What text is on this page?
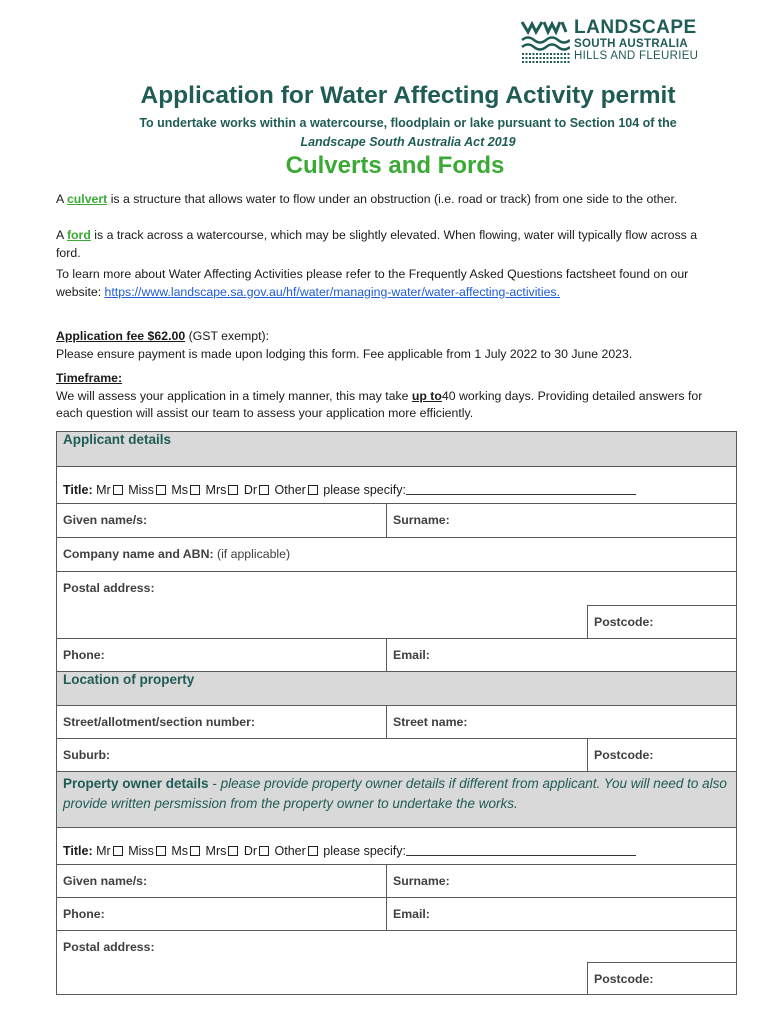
LANDSCAPE
SOUTH AUSTRALIA
HILLS AND FLEURIEU
Application for Water Affecting Activity permit
To undertake works within a watercourse, floodplain or lake pursuant to Section 104 of the
Landscape South Australia Act 2019
Culverts and Fords
A culvert is a structure that allows water to flow under an obstruction (i.e. road or track) from one side to the other.
A ford is a track across a watercourse, which may be slightly elevated. When flowing, water will typically flow across a ford.
To learn more about Water Affecting Activities please refer to the Frequently Asked Questions factsheet found on our website: https://www.landscape.sa.gov.au/hf/water/managing-water/water-affecting-activities.
Application fee $62.00 (GST exempt):
Please ensure payment is made upon lodging this form. Fee applicable from 1 July 2022 to 30 June 2023.
Timeframe:
We will assess your application in a timely manner, this may take up to40 working days. Providing detailed answers for each question will assist our team to assess your application more efficiently.
Applicant details		
Title: Mr Miss Ms Mrs Dr Other please specify:		
Given name/s:	Surname:	
Company name and ABN: (if applicable)		
Postal address:		
		Postcode:
Phone:	Email:	
Location of property		
Street/allotment/section number:	Street name:	
Suburb:		Postcode:
Property owner details - please provide property owner details if different from applicant. You will need to also provide written persmission from the property owner to undertake the works.		
Title: Mr Miss Ms Mrs Dr Other please specify:		
Given name/s:	Surname:	
Phone:	Email:	
Postal address:		
		Postcode:
